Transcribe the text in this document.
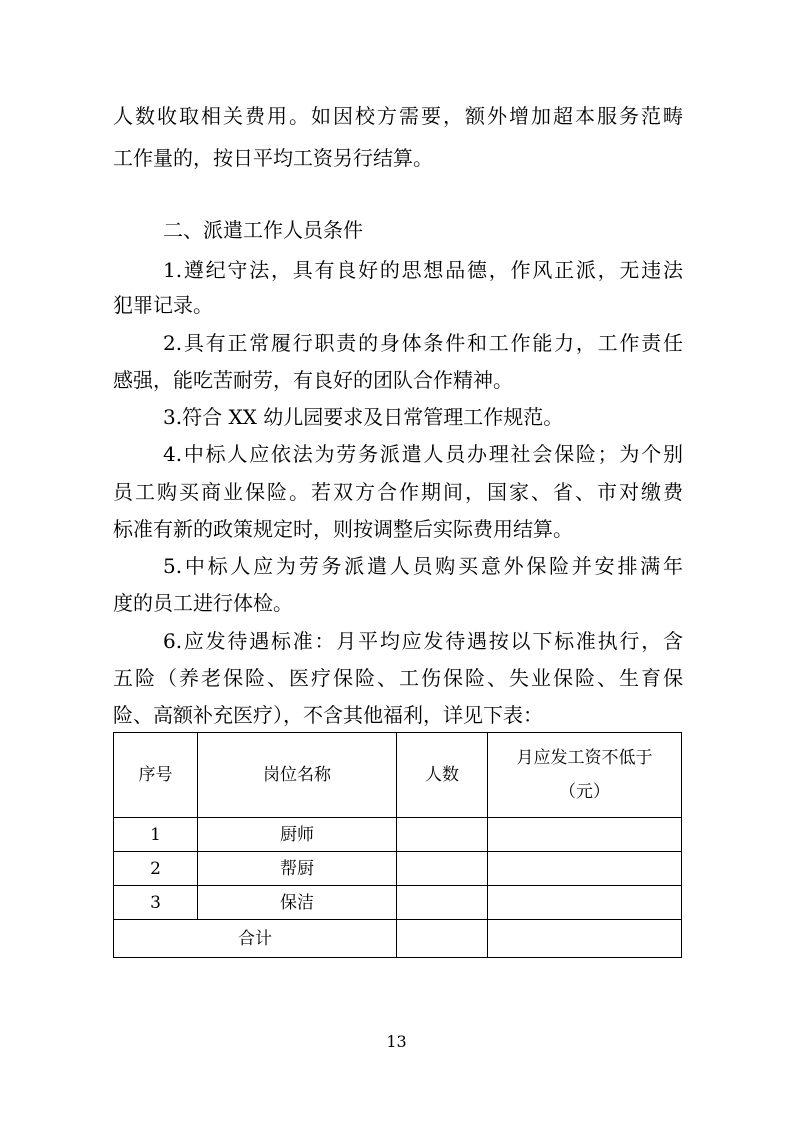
人数收取相关费用。如因校方需要，额外增加超本服务范畴
工作量的，按日平均工资另行结算。
二、派遣工作人员条件
1.遵纪守法，具有良好的思想品德，作风正派，无违法
犯罪记录。
2.具有正常履行职责的身体条件和工作能力，工作责任
感强，能吃苦耐劳，有良好的团队合作精神。
3.符合 XX 幼儿园要求及日常管理工作规范。
4.中标人应依法为劳务派遣人员办理社会保险；为个别
员工购买商业保险。若双方合作期间，国家、省、市对缴费
标准有新的政策规定时，则按调整后实际费用结算。
5.中标人应为劳务派遣人员购买意外保险并安排满年
度的员工进行体检。
6.应发待遇标准：月平均应发待遇按以下标准执行，含
五险（养老保险、医疗保险、工伤保险、失业保险、生育保
险、高额补充医疗），不含其他福利，详见下表：
序号	岗位名称	人数	月应发工资不低于
（元）

1	厨师		
2	帮厨		
3	保洁		
合计			
13
